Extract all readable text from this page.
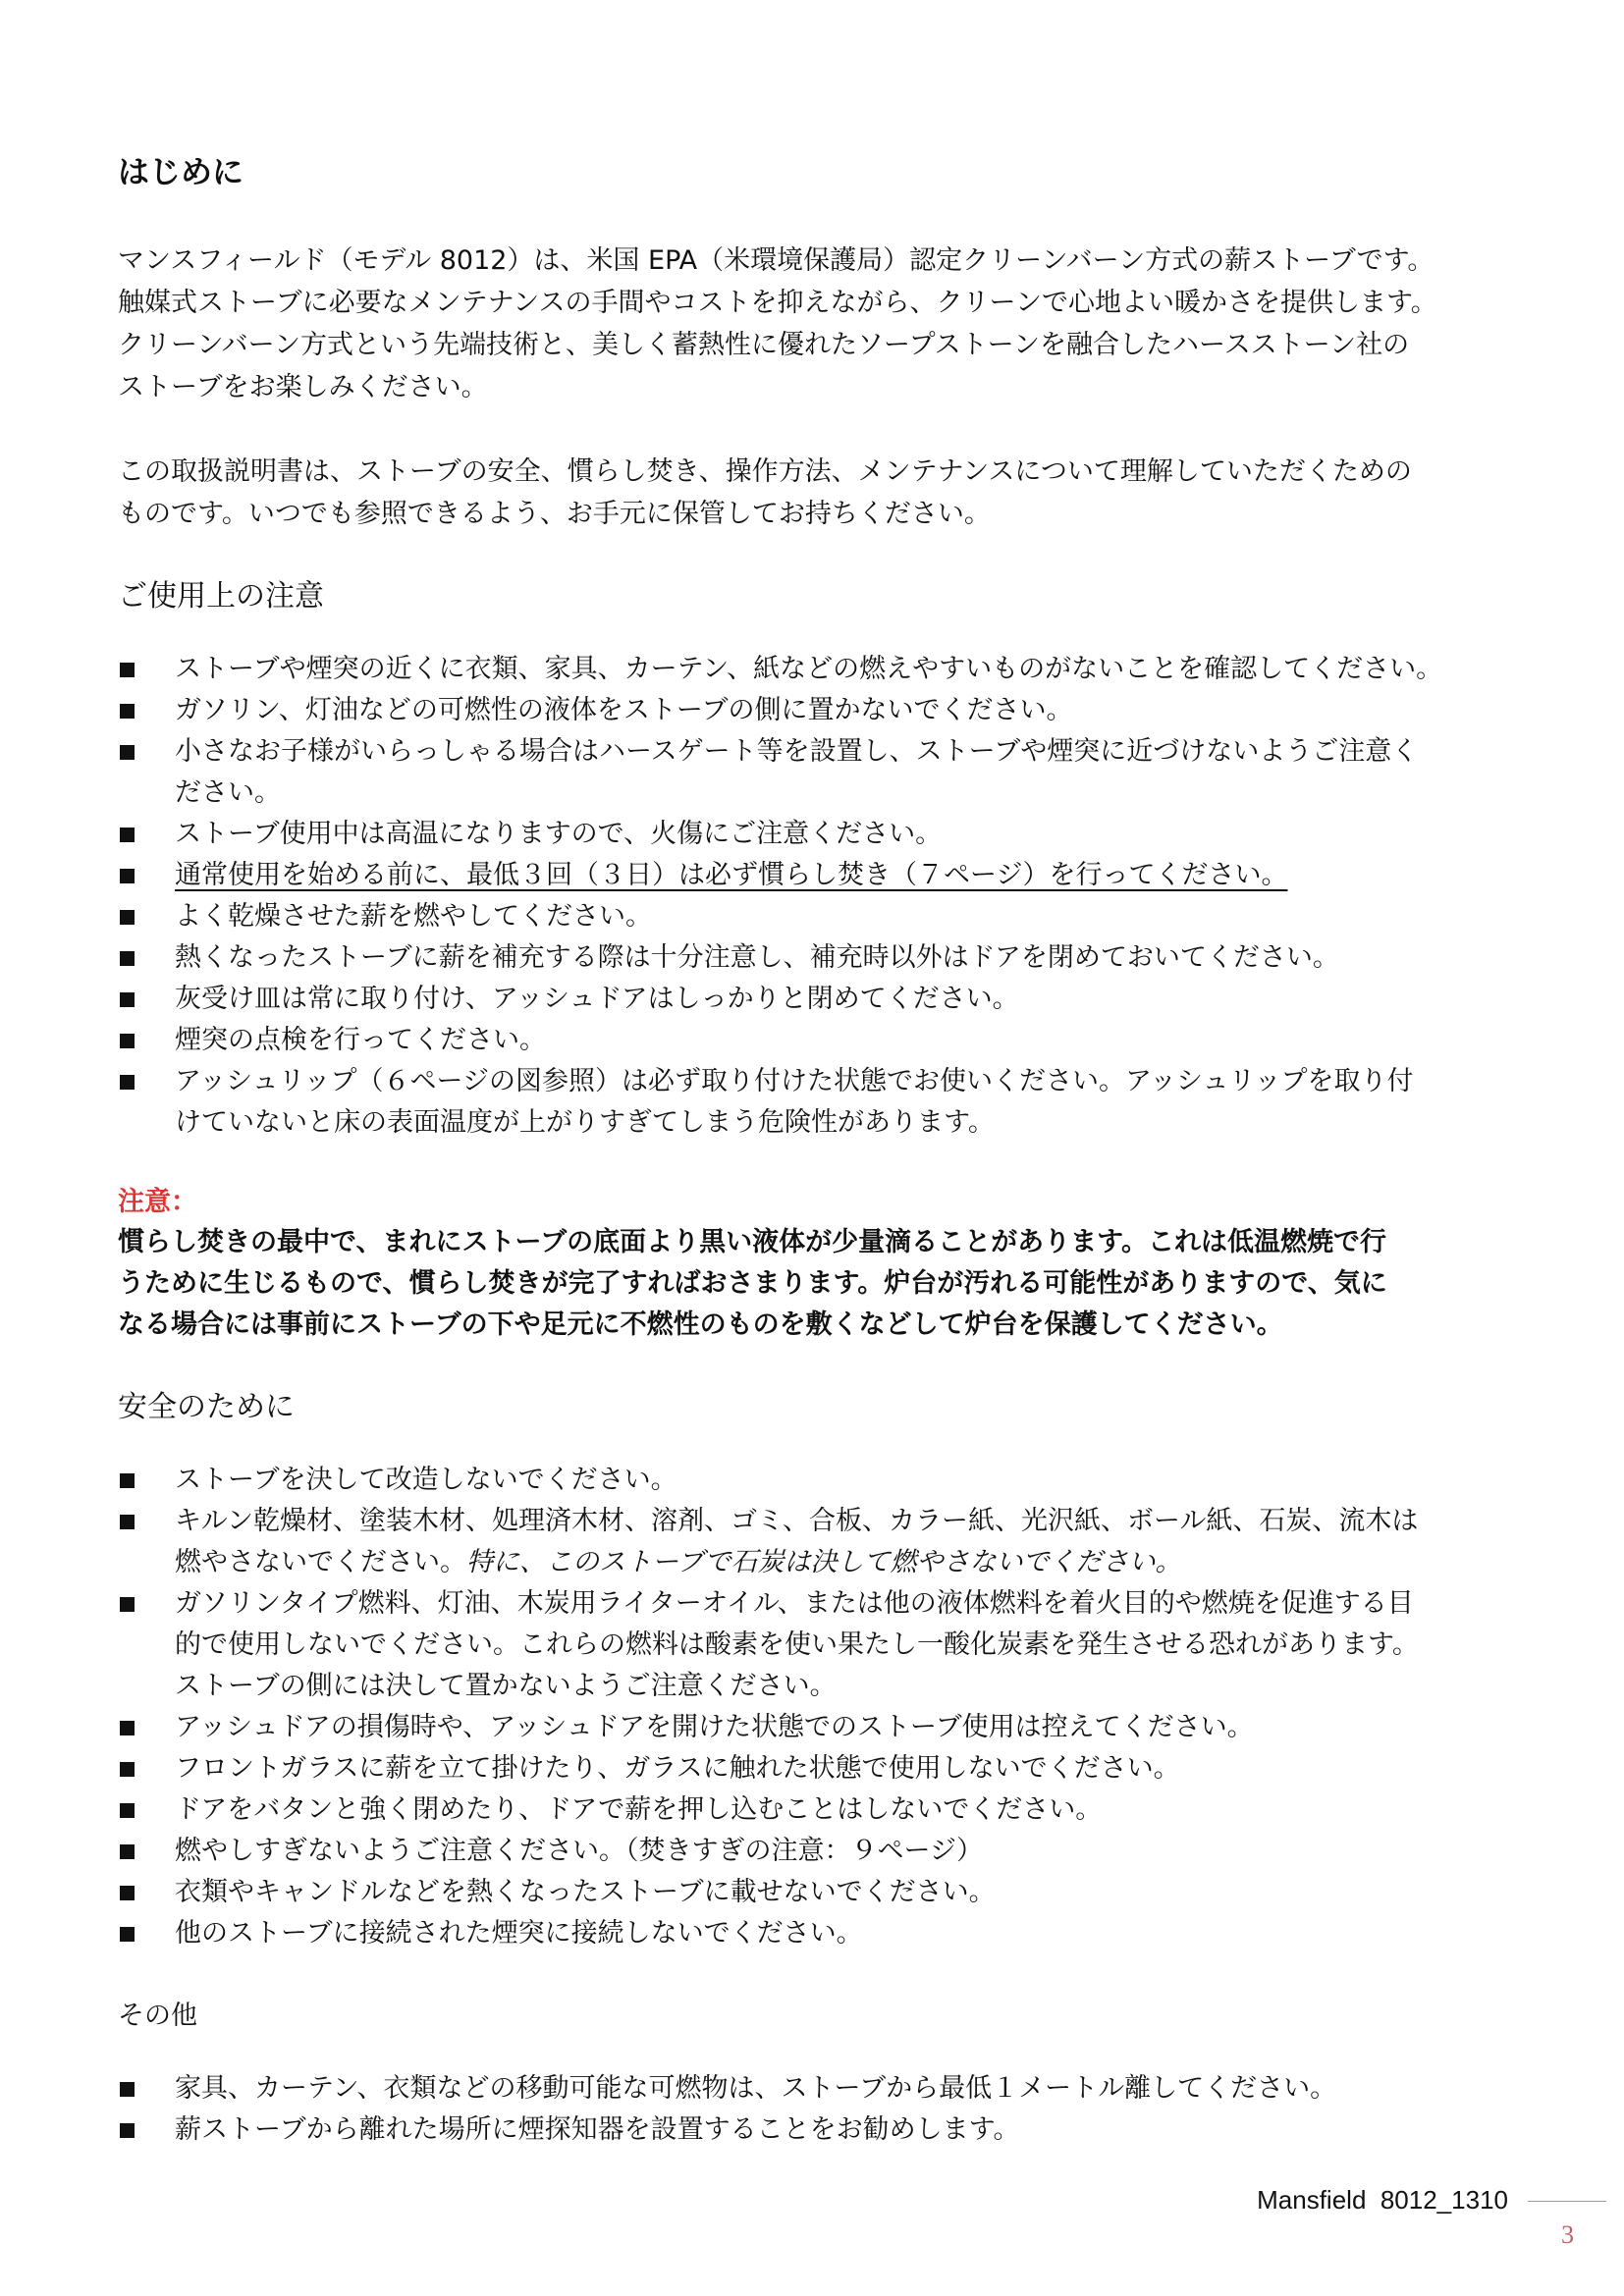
はじめに

マンスフィールド（モデル 8012）は、米国 EPA（米環境保護局）認定クリーンバーン方式の薪ストーブです。

触媒式ストーブに必要なメンテナンスの手間やコストを抑えながら、クリーンで心地よい暖かさを提供します。

クリーンバーン方式という先端技術と、美しく蓄熱性に優れたソープストーンを融合したハースストーン社の

ストーブをお楽しみください。

この取扱説明書は、ストーブの安全、慣らし焚き、操作方法、メンテナンスについて理解していただくための

ものです。いつでも参照できるよう、お手元に保管してお持ちください。

ご使用上の注意
ストーブや煙突の近くに衣類、家具、カーテン、紙などの燃えやすいものがないことを確認してください。
ガソリン、灯油などの可燃性の液体をストーブの側に置かないでください。
小さなお子様がいらっしゃる場合はハースゲート等を設置し、ストーブや煙突に近づけないようご注意く
ださい。
ストーブ使用中は高温になりますので、火傷にご注意ください。
通常使用を始める前に、最低３回（３日）は必ず慣らし焚き（７ページ）を行ってください。
よく乾燥させた薪を燃やしてください。
熱くなったストーブに薪を補充する際は十分注意し、補充時以外はドアを閉めておいてください。
灰受け皿は常に取り付け、アッシュドアはしっかりと閉めてください。
煙突の点検を行ってください。
アッシュリップ（６ページの図参照）は必ず取り付けた状態でお使いください。アッシュリップを取り付
けていないと床の表面温度が上がりすぎてしまう危険性があります。
注意：

慣らし焚きの最中で、まれにストーブの底面より黒い液体が少量滴ることがあります。これは低温燃焼で行
うために生じるもので、慣らし焚きが完了すればおさまります。炉台が汚れる可能性がありますので、気に
なる場合には事前にストーブの下や足元に不燃性のものを敷くなどして炉台を保護してください。

安全のために
ストーブを決して改造しないでください。
キルン乾燥材、塗装木材、処理済木材、溶剤、ゴミ、合板、カラー紙、光沢紙、ボール紙、石炭、流木は
燃やさないでください。特に、このストーブで石炭は決して燃やさないでください。
ガソリンタイプ燃料、灯油、木炭用ライターオイル、または他の液体燃料を着火目的や燃焼を促進する目
的で使用しないでください。これらの燃料は酸素を使い果たし一酸化炭素を発生させる恐れがあります。
ストーブの側には決して置かないようご注意ください。
アッシュドアの損傷時や、アッシュドアを開けた状態でのストーブ使用は控えてください。
フロントガラスに薪を立て掛けたり、ガラスに触れた状態で使用しないでください。
ドアをバタンと強く閉めたり、ドアで薪を押し込むことはしないでください。
燃やしすぎないようご注意ください。（焚きすぎの注意：９ページ）
衣類やキャンドルなどを熱くなったストーブに載せないでください。
他のストーブに接続された煙突に接続しないでください。
その他
家具、カーテン、衣類などの移動可能な可燃物は、ストーブから最低１メートル離してください。
薪ストーブから離れた場所に煙探知器を設置することをお勧めします。
Mansfield  8012_1310
3
